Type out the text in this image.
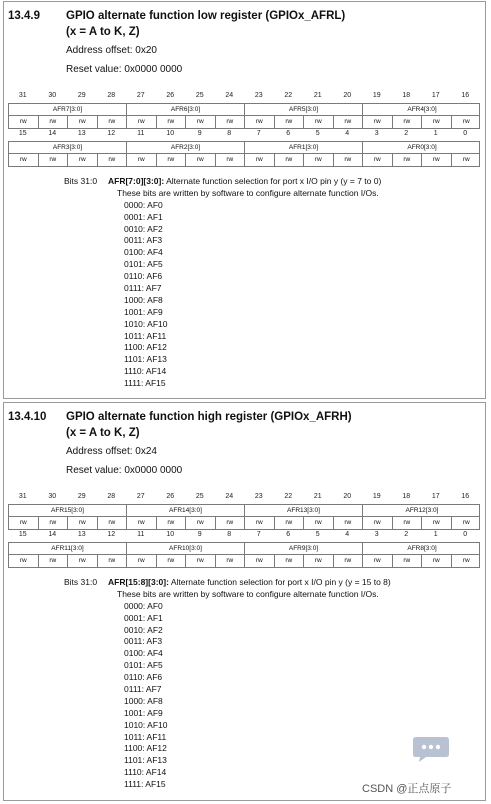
13.4.9	GPIO alternate function low register (GPIOx_AFRL)
(x = A to K, Z)
Address offset: 0x20
Reset value: 0x0000 0000
31	30	29	28	27	26	25	24	23	22	21	20	19	18	17	16
AFR7[3:0]	AFR6[3:0]	AFR5[3:0]	AFR4[3:0]
rw	rw	rw	rw	rw	rw	rw	rw	rw	rw	rw	rw	rw	rw	rw	rw
15	14	13	12	11	10	9	8	7	6	5	4	3	2	1	0
AFR3[3:0]	AFR2[3:0]	AFR1[3:0]	AFR0[3:0]
rw	rw	rw	rw	rw	rw	rw	rw	rw	rw	rw	rw	rw	rw	rw	rw
Bits 31:0	AFR[7:0][3:0]: Alternate function selection for port x I/O pin y (y = 7 to 0)
These bits are written by software to configure alternate function I/Os.
0000: AF0
0001: AF1
0010: AF2
0011: AF3
0100: AF4
0101: AF5
0110: AF6
0111: AF7
1000: AF8
1001: AF9
1010: AF10
1011: AF11
1100: AF12
1101: AF13
1110: AF14
1111: AF15
13.4.10	GPIO alternate function high register (GPIOx_AFRH)
(x = A to K, Z)
Address offset: 0x24
Reset value: 0x0000 0000
31	30	29	28	27	26	25	24	23	22	21	20	19	18	17	16
AFR15[3:0]	AFR14[3:0]	AFR13[3:0]	AFR12[3:0]
rw	rw	rw	rw	rw	rw	rw	rw	rw	rw	rw	rw	rw	rw	rw	rw
15	14	13	12	11	10	9	8	7	6	5	4	3	2	1	0
AFR11[3:0]	AFR10[3:0]	AFR9[3:0]	AFR8[3:0]
rw	rw	rw	rw	rw	rw	rw	rw	rw	rw	rw	rw	rw	rw	rw	rw
Bits 31:0	AFR[15:8][3:0]: Alternate function selection for port x I/O pin y (y = 15 to 8)
These bits are written by software to configure alternate function I/Os.
0000: AF0
0001: AF1
0010: AF2
0011: AF3
0100: AF4
0101: AF5
0110: AF6
0111: AF7
1000: AF8
1001: AF9
1010: AF10
1011: AF11
1100: AF12
1101: AF13
1110: AF14
1111: AF15	CSDN @正点原子
